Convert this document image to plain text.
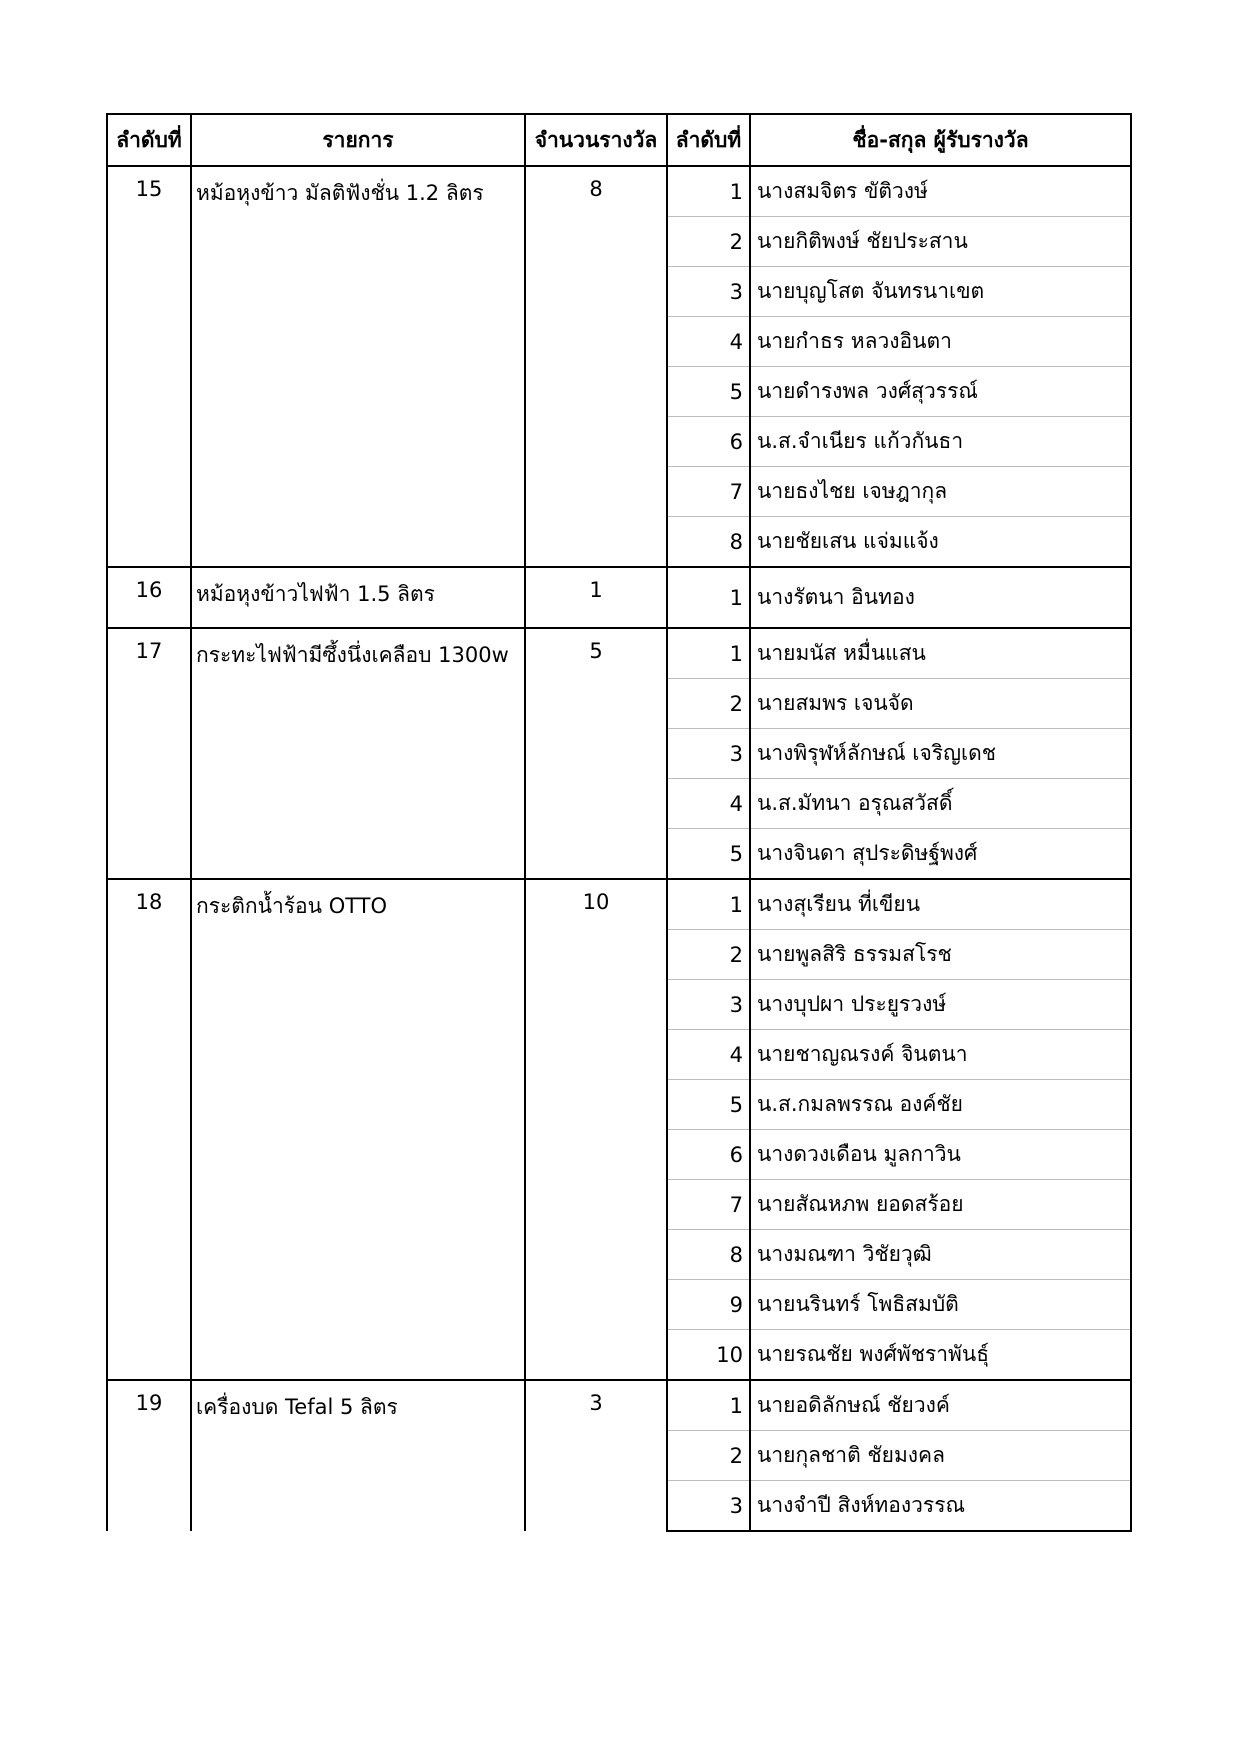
ลำดับที่	รายการ	จำนวนรางวัล	ลำดับที่	ชื่อ-สกุล ผู้รับรางวัล
15	หม้อหุงข้าว มัลติฟังชั่น 1.2 ลิตร	8	1	นางสมจิตร ขัติวงษ์
			2	นายกิติพงษ์ ชัยประสาน
			3	นายบุญโสต จันทรนาเขต
			4	นายกำธร หลวงอินตา
			5	นายดำรงพล วงศ์สุวรรณ์
			6	น.ส.จำเนียร แก้วกันธา
			7	นายธงไชย เจษฎากุล
			8	นายชัยเสน แจ่มแจ้ง
16	หม้อหุงข้าวไฟฟ้า 1.5 ลิตร	1	1	นางรัตนา อินทอง
17	กระทะไฟฟ้ามีซึ้งนึ่งเคลือบ 1300w	5	1	นายมนัส หมื่นแสน
			2	นายสมพร เจนจัด
			3	นางพิรุฬห์ลักษณ์ เจริญเดช
			4	น.ส.มัทนา อรุณสวัสดิ์
			5	นางจินดา สุประดิษฐ์พงศ์
18	กระติกน้ำร้อน OTTO	10	1	นางสุเรียน ที่เขียน
			2	นายพูลสิริ ธรรมสโรช
			3	นางบุปผา ประยูรวงษ์
			4	นายชาญณรงค์ จินตนา
			5	น.ส.กมลพรรณ องค์ชัย
			6	นางดวงเดือน มูลกาวิน
			7	นายสัณหภพ ยอดสร้อย
			8	นางมณฑา วิชัยวุฒิ
			9	นายนรินทร์ โพธิสมบัติ
			10	นายรณชัย พงศ์พัชราพันธุ์
19	เครื่องบด Tefal 5 ลิตร	3	1	นายอดิลักษณ์ ชัยวงค์
			2	นายกุลชาติ ชัยมงคล
			3	นางจำปี สิงห์ทองวรรณ
